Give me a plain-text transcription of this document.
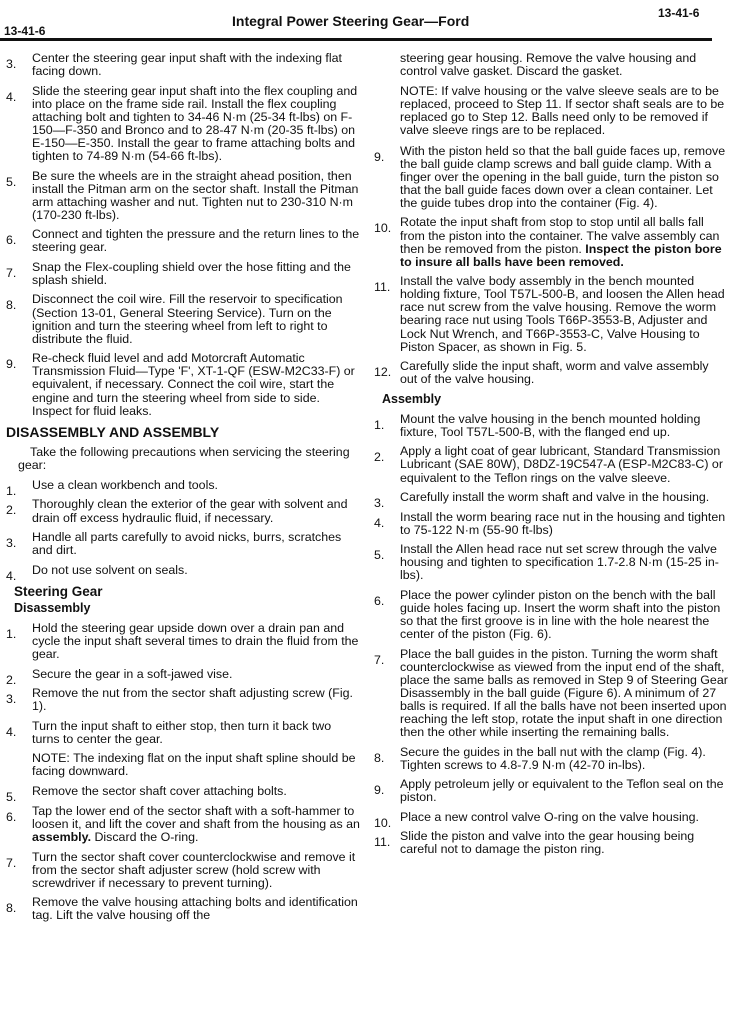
13-41-6
Integral Power Steering Gear—Ford	13-41-6
3.	Center the steering gear input shaft with the indexing flat facing down.
4.	Slide the steering gear input shaft into the flex coupling and into place on the frame side rail. Install the flex coupling attaching bolt and tighten to 34-46 N·m (25-34 ft-lbs) on F-150—F-350 and Bronco and to 28-47 N·m (20-35 ft-lbs) on E-150—E-350. Install the gear to frame attaching bolts and tighten to 74-89 N·m (54-66 ft-lbs).
5.	Be sure the wheels are in the straight ahead position, then install the Pitman arm on the sector shaft. Install the Pitman arm attaching washer and nut. Tighten nut to 230-310 N·m (170-230 ft-lbs).
6.	Connect and tighten the pressure and the return lines to the steering gear.
7.	Snap the Flex-coupling shield over the hose fitting and the splash shield.
8.	Disconnect the coil wire. Fill the reservoir to specification (Section 13-01, General Steering Service). Turn on the ignition and turn the steering wheel from left to right to distribute the fluid.
9.	Re-check fluid level and add Motorcraft Automatic Transmission Fluid—Type 'F', XT-1-QF (ESW-M2C33-F) or equivalent, if necessary. Connect the coil wire, start the engine and turn the steering wheel from side to side. Inspect for fluid leaks.
DISASSEMBLY AND ASSEMBLY
Take the following precautions when servicing the steering gear:
1.	Use a clean workbench and tools.
2.	Thoroughly clean the exterior of the gear with solvent and drain off excess hydraulic fluid, if necessary.
3.	Handle all parts carefully to avoid nicks, burrs, scratches and dirt.
4.	Do not use solvent on seals.
Steering Gear
Disassembly
1.	Hold the steering gear upside down over a drain pan and cycle the input shaft several times to drain the fluid from the gear.
2.	Secure the gear in a soft-jawed vise.
3.	Remove the nut from the sector shaft adjusting screw (Fig. 1).
4.	Turn the input shaft to either stop, then turn it back two turns to center the gear.
NOTE: The indexing flat on the input shaft spline should be facing downward.
5.	Remove the sector shaft cover attaching bolts.
6.	Tap the lower end of the sector shaft with a soft-hammer to loosen it, and lift the cover and shaft from the housing as an assembly. Discard the O-ring.
7.	Turn the sector shaft cover counterclockwise and remove it from the sector shaft adjuster screw (hold screw with screwdriver if necessary to prevent turning).
8.	Remove the valve housing attaching bolts and identification tag. Lift the valve housing off the
steering gear housing. Remove the valve housing and control valve gasket. Discard the gasket.
NOTE: If valve housing or the valve sleeve seals are to be replaced, proceed to Step 11. If sector shaft seals are to be replaced go to Step 12. Balls need only to be removed if valve sleeve rings are to be replaced.
9.	With the piston held so that the ball guide faces up, remove the ball guide clamp screws and ball guide clamp. With a finger over the opening in the ball guide, turn the piston so that the ball guide faces down over a clean container. Let the guide tubes drop into the container (Fig. 4).
10. Rotate the input shaft from stop to stop until all balls fall from the piston into the container. The valve assembly can then be removed from the piston. Inspect the piston bore to insure all balls have been removed.
11. Install the valve body assembly in the bench mounted holding fixture, Tool T57L-500-B, and loosen the Allen head race nut screw from the valve housing. Remove the worm bearing race nut using Tools T66P-3553-B, Adjuster and Lock Nut Wrench, and T66P-3553-C, Valve Housing to Piston Spacer, as shown in Fig. 5.
12. Carefully slide the input shaft, worm and valve assembly out of the valve housing.
Assembly
1.	Mount the valve housing in the bench mounted holding fixture, Tool T57L-500-B, with the flanged end up.
2.	Apply a light coat of gear lubricant, Standard Transmission Lubricant (SAE 80W), D8DZ-19C547-A (ESP-M2C83-C) or equivalent to the Teflon rings on the valve sleeve.
3.	Carefully install the worm shaft and valve in the housing.
4.	Install the worm bearing race nut in the housing and tighten to 75-122 N·m (55-90 ft-lbs)
5.	Install the Allen head race nut set screw through the valve housing and tighten to specification 1.7-2.8 N·m (15-25 in-lbs).
6.	Place the power cylinder piston on the bench with the ball guide holes facing up. Insert the worm shaft into the piston so that the first groove is in line with the hole nearest the center of the piston (Fig. 6).
7.	Place the ball guides in the piston. Turning the worm shaft counterclockwise as viewed from the input end of the shaft, place the same balls as removed in Step 9 of Steering Gear Disassembly in the ball guide (Figure 6). A minimum of 27 balls is required. If all the balls have not been inserted upon reaching the left stop, rotate the input shaft in one direction then the other while inserting the remaining balls.
8.	Secure the guides in the ball nut with the clamp (Fig. 4). Tighten screws to 4.8-7.9 N·m (42-70 in-lbs).
9.	Apply petroleum jelly or equivalent to the Teflon seal on the piston.
10. Place a new control valve O-ring on the valve housing.
11. Slide the piston and valve into the gear housing being careful not to damage the piston ring.
